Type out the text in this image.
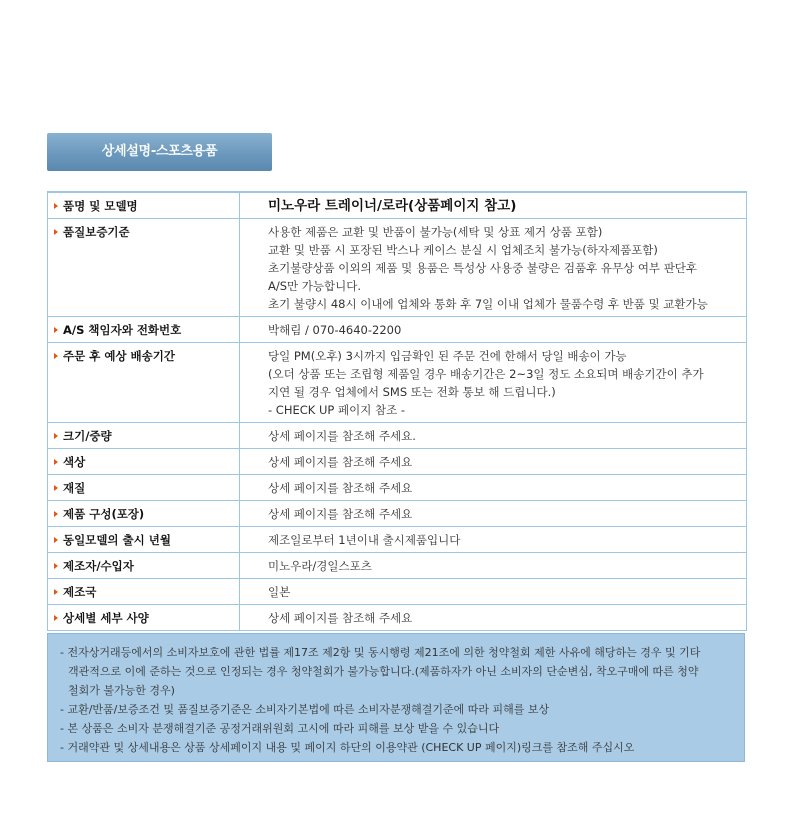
상세설명-스포츠용품
품명 및 모델명	미노우라 트레이너/로라(상품페이지 참고)
품질보증기준	사용한 제품은 교환 및 반품이 불가능(세탁 및 상표 제거 상품 포함)
교환 및 반품 시 포장된 박스나 케이스 분실 시 업체조치 불가능(하자제품포함)
초기불량상품 이외의 제품 및 용품은 특성상 사용중 불량은 검품후 유무상 여부 판단후
A/S만 가능합니다.
초기 불량시 48시 이내에 업체와 통화 후 7일 이내 업체가 물품수령 후 반품 및 교환가능

A/S 책임자와 전화번호	박해림 / 070-4640-2200
주문 후 예상 배송기간	당일 PM(오후) 3시까지 입금확인 된 주문 건에 한해서 당일 배송이 가능
(오더 상품 또는 조립형 제품일 경우 배송기간은 2~3일 정도 소요되며 배송기간이 추가
지연 될 경우 업체에서 SMS 또는 전화 통보 해 드립니다.)
- CHECK UP 페이지 참조 -

크기/중량	상세 페이지를 참조해 주세요.
색상	상세 페이지를 참조해 주세요
재질	상세 페이지를 참조해 주세요
제품 구성(포장)	상세 페이지를 참조해 주세요
동일모델의 출시 년월	제조일로부터 1년이내 출시제품입니다
제조자/수입자	미노우라/경일스포츠
제조국	일본
상세별 세부 사양	상세 페이지를 참조해 주세요

- 전자상거래등에서의 소비자보호에 관한 법률 제17조 제2항 및 동시행령 제21조에 의한 청약철회 제한 사유에 해당하는 경우 및 기타

객관적으로 이에 준하는 것으로 인정되는 경우 청약철회가 불가능합니다.(제품하자가 아닌 소비자의 단순변심, 착오구매에 따른 청약

철회가 불가능한 경우)

- 교환/반품/보증조건 및 품질보증기준은 소비자기본법에 따른 소비자분쟁해결기준에 따라 피해를 보상

- 본 상품은 소비자 분쟁해결기준 공정거래위원회 고시에 따라 피해를 보상 받을 수 있습니다

- 거래약관 및 상세내용은 상품 상세페이지 내용 및 페이지 하단의 이용약관 (CHECK UP 페이지)링크를 참조해 주십시오
